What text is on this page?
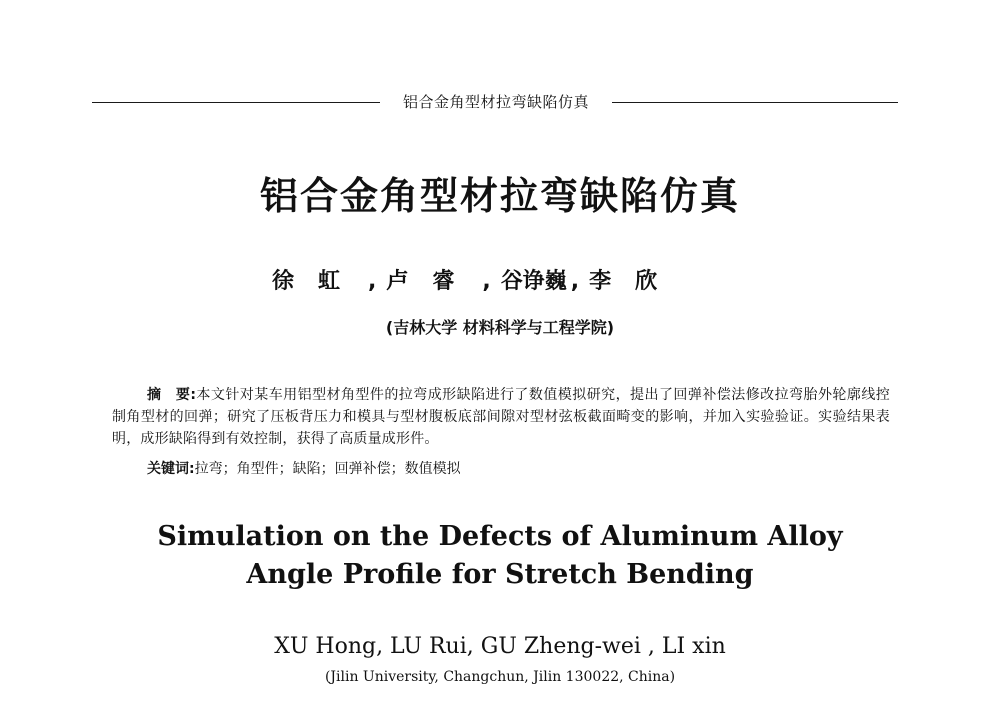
铝合金角型材拉弯缺陷仿真
铝合金角型材拉弯缺陷仿真
徐虹 , 卢睿 , 谷诤巍 , 李欣
(吉林大学 材料科学与工程学院)
摘　要:本文针对某车用铝型材角型件的拉弯成形缺陷进行了数值模拟研究，提出了回弹补偿法修改拉弯胎外轮廓线控制角型材的回弹；研究了压板背压力和模具与型材腹板底部间隙对型材弦板截面畸变的影响，并加入实验验证。实验结果表明，成形缺陷得到有效控制，获得了高质量成形件。
关键词:拉弯；角型件；缺陷；回弹补偿；数值模拟
Simulation on the Defects of Aluminum Alloy
Angle Profile for Stretch Bending
XU Hong, LU Rui, GU Zheng-wei , LI xin
(Jilin University, Changchun, Jilin 130022, China)
